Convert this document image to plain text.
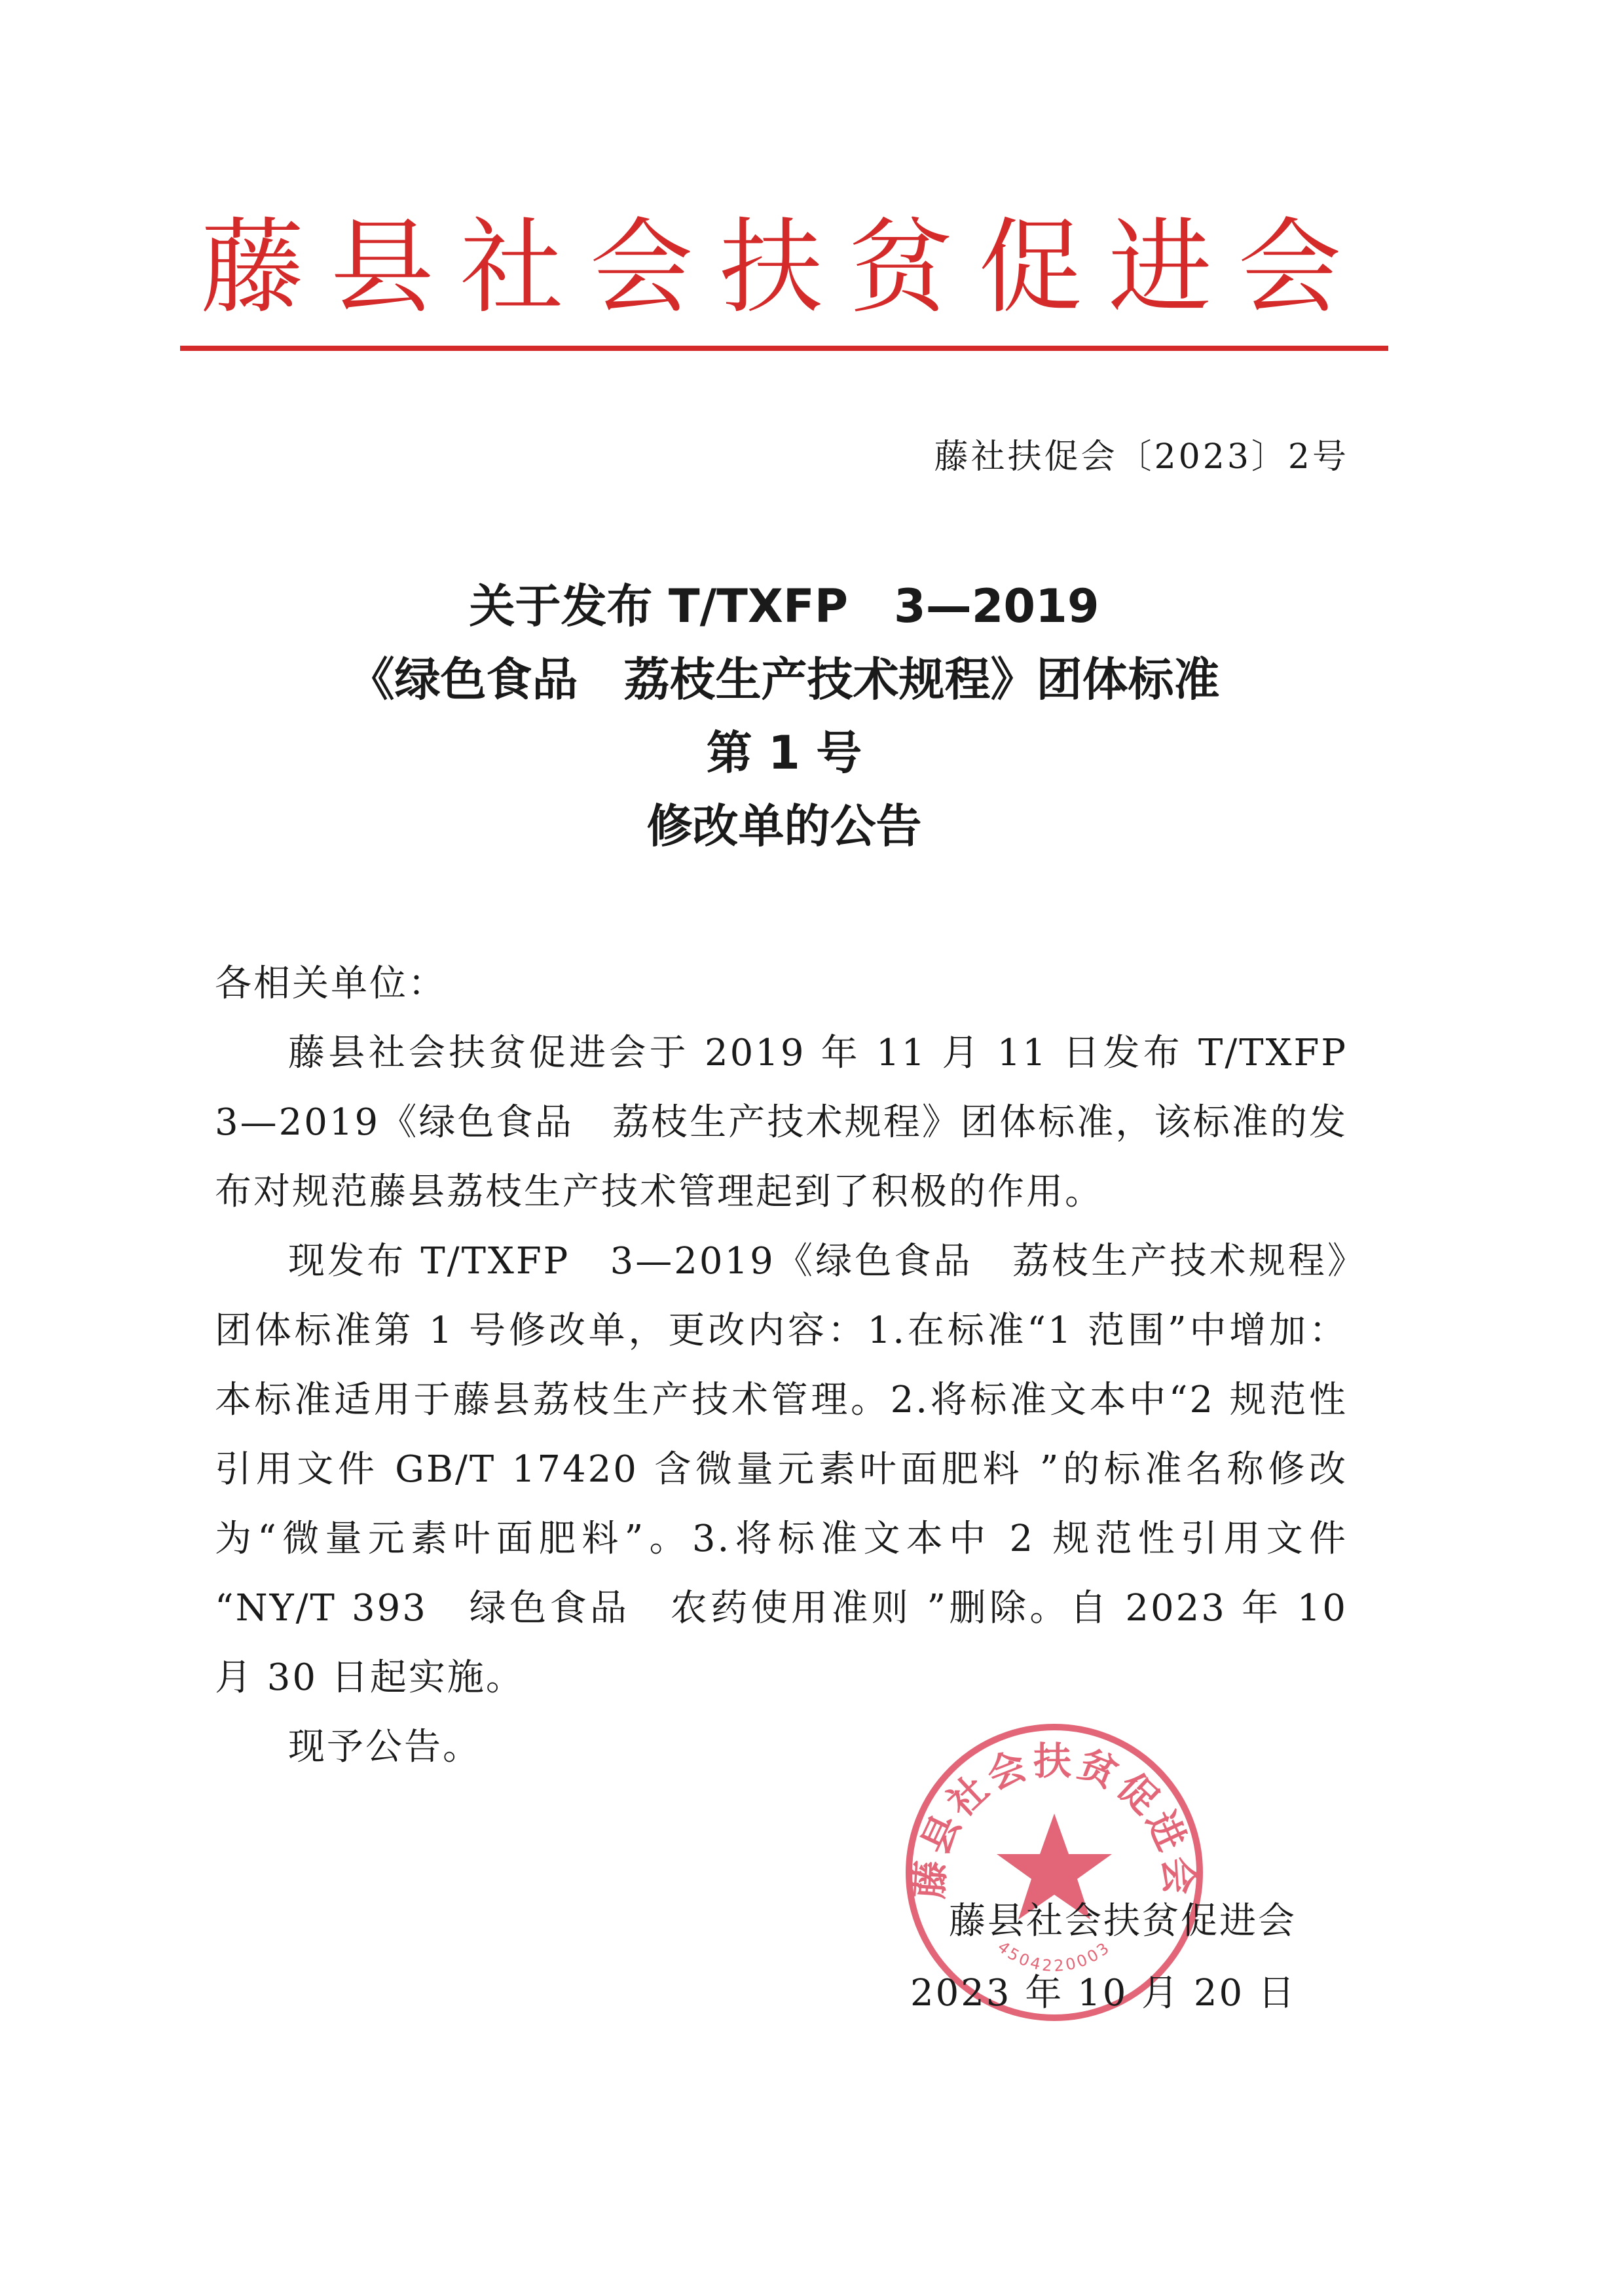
藤县社会扶贫促进会
藤社扶促会〔2023〕2号
关于发布 T/TXFP　3—2019
《绿色食品　荔枝生产技术规程》团体标准
第 1 号
修改单的公告

各相关单位：

藤县社会扶贫促进会于 2019 年 11 月 11 日发布 T/TXFP 3—2019《绿色食品　荔枝生产技术规程》团体标准，该标准的发布对规范藤县荔枝生产技术管理起到了积极的作用。

现发布 T/TXFP　3—2019《绿色食品　荔枝生产技术规程》团体标准第 1 号修改单，更改内容：1.在标准“1 范围”中增加：本标准适用于藤县荔枝生产技术管理。2.将标准文本中“2 规范性引用文件 GB/T 17420 含微量元素叶面肥料 ”的标准名称修改为“微量元素叶面肥料”。3.将标准文本中 2 规范性引用文件 “NY/T 393　绿色食品　农药使用准则 ”删除。自 2023 年 10 月 30 日起实施。

现予公告。

藤县社会扶贫促进会
4504220003
藤县社会扶贫促进会
2023 年 10 月 20 日
